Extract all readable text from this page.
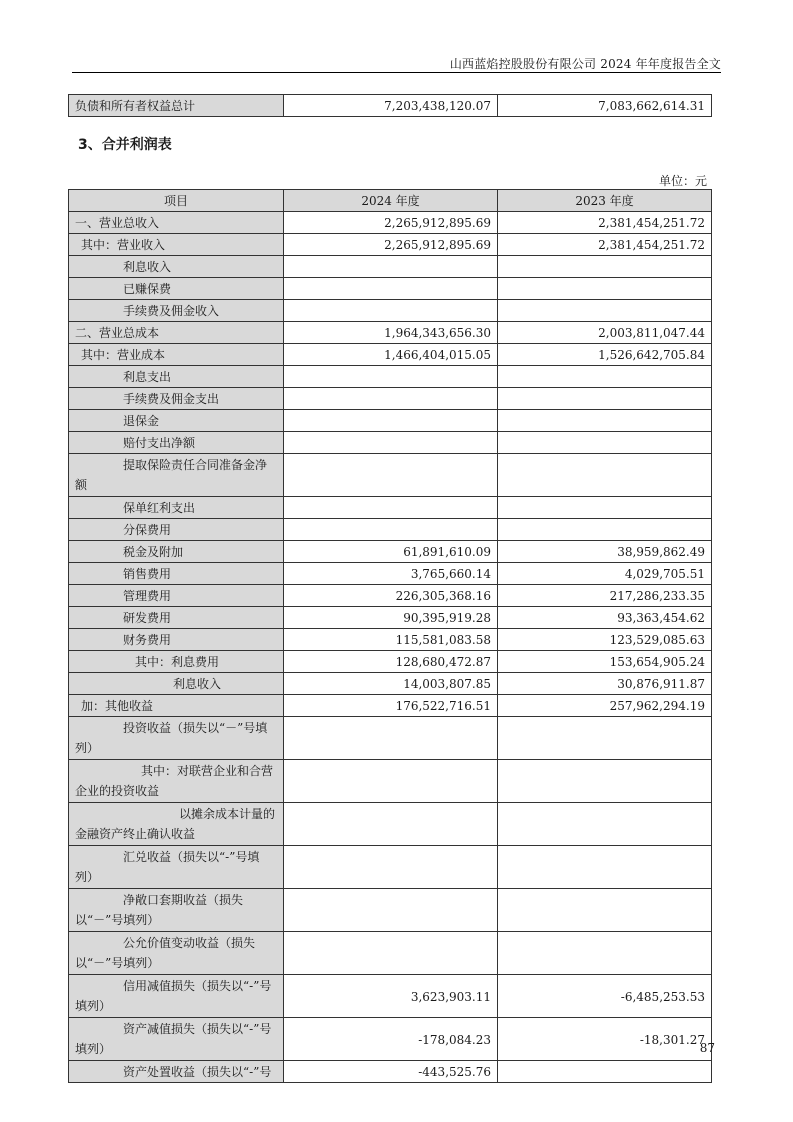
山西蓝焰控股股份有限公司 2024 年年度报告全文
负债和所有者权益总计	7,203,438,120.07	7,083,662,614.31
3、合并利润表
单位：元
项目	2024 年度	2023 年度
一、营业总收入	2,265,912,895.69	2,381,454,251.72
其中：营业收入	2,265,912,895.69	2,381,454,251.72
利息收入		
已赚保费		
手续费及佣金收入		
二、营业总成本	1,964,343,656.30	2,003,811,047.44
其中：营业成本	1,466,404,015.05	1,526,642,705.84
利息支出		
手续费及佣金支出		
退保金		
赔付支出净额		
提取保险责任合同准备金净额		
保单红利支出		
分保费用		
税金及附加	61,891,610.09	38,959,862.49
销售费用	3,765,660.14	4,029,705.51
管理费用	226,305,368.16	217,286,233.35
研发费用	90,395,919.28	93,363,454.62
财务费用	115,581,083.58	123,529,085.63
其中：利息费用	128,680,472.87	153,654,905.24
利息收入	14,003,807.85	30,876,911.87
加：其他收益	176,522,716.51	257,962,294.19
投资收益（损失以“－”号填列）		
其中：对联营企业和合营企业的投资收益		
以摊余成本计量的金融资产终止确认收益		
汇兑收益（损失以“-”号填列）		
净敞口套期收益（损失以“－”号填列）		
公允价值变动收益（损失以“－”号填列）		
信用减值损失（损失以“-”号填列）	3,623,903.11	-6,485,253.53
资产减值损失（损失以“-”号填列）	-178,084.23	-18,301.27
资产处置收益（损失以“-”号	-443,525.76	
87
